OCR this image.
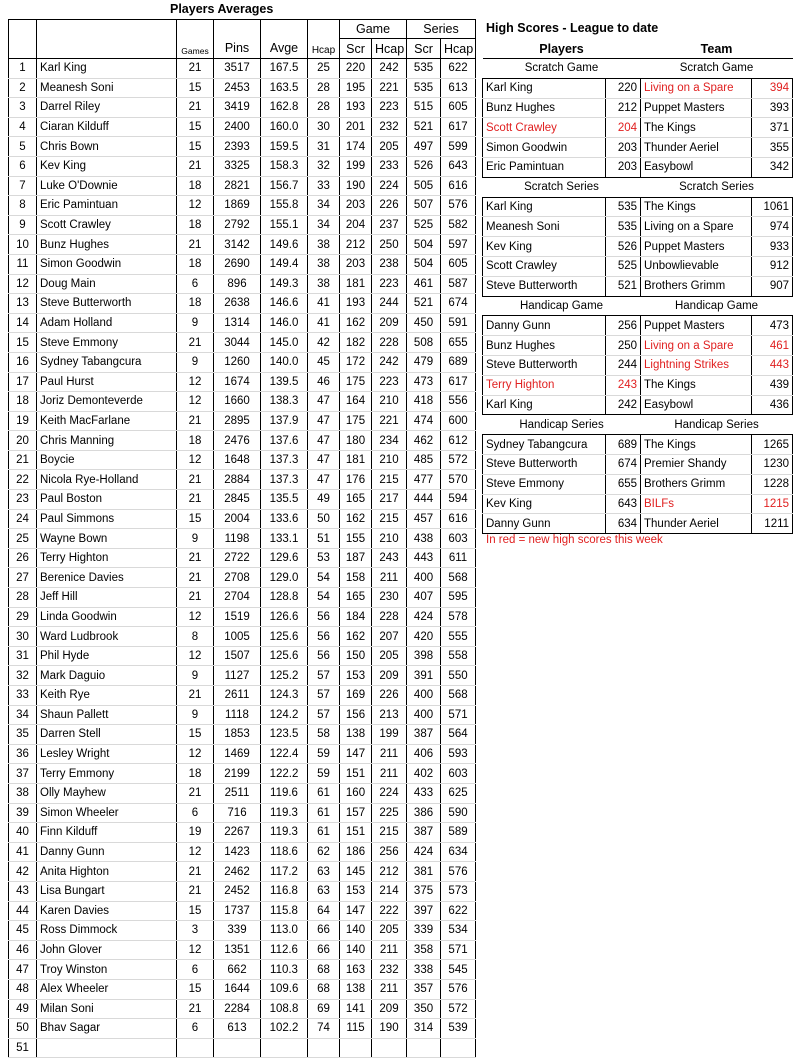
Players Averages
High Scores - League to date
						Game		Series	
		Games	Pins	Avge	Hcap	Scr	Hcap	Scr	Hcap
1	Karl King	21	3517	167.5	25	220	242	535	622
2	Meanesh Soni	15	2453	163.5	28	195	221	535	613
3	Darrel Riley	21	3419	162.8	28	193	223	515	605
4	Ciaran Kilduff	15	2400	160.0	30	201	232	521	617
5	Chris Bown	15	2393	159.5	31	174	205	497	599
6	Kev King	21	3325	158.3	32	199	233	526	643
7	Luke O'Downie	18	2821	156.7	33	190	224	505	616
8	Eric Pamintuan	12	1869	155.8	34	203	226	507	576
9	Scott Crawley	18	2792	155.1	34	204	237	525	582
10	Bunz Hughes	21	3142	149.6	38	212	250	504	597
11	Simon Goodwin	18	2690	149.4	38	203	238	504	605
12	Doug Main	6	896	149.3	38	181	223	461	587
13	Steve Butterworth	18	2638	146.6	41	193	244	521	674
14	Adam Holland	9	1314	146.0	41	162	209	450	591
15	Steve Emmony	21	3044	145.0	42	182	228	508	655
16	Sydney Tabangcura	9	1260	140.0	45	172	242	479	689
17	Paul Hurst	12	1674	139.5	46	175	223	473	617
18	Joriz Demonteverde	12	1660	138.3	47	164	210	418	556
19	Keith MacFarlane	21	2895	137.9	47	175	221	474	600
20	Chris Manning	18	2476	137.6	47	180	234	462	612
21	Boycie	12	1648	137.3	47	181	210	485	572
22	Nicola Rye-Holland	21	2884	137.3	47	176	215	477	570
23	Paul Boston	21	2845	135.5	49	165	217	444	594
24	Paul Simmons	15	2004	133.6	50	162	215	457	616
25	Wayne Bown	9	1198	133.1	51	155	210	438	603
26	Terry Highton	21	2722	129.6	53	187	243	443	611
27	Berenice Davies	21	2708	129.0	54	158	211	400	568
28	Jeff Hill	21	2704	128.8	54	165	230	407	595
29	Linda Goodwin	12	1519	126.6	56	184	228	424	578
30	Ward Ludbrook	8	1005	125.6	56	162	207	420	555
31	Phil Hyde	12	1507	125.6	56	150	205	398	558
32	Mark Daguio	9	1127	125.2	57	153	209	391	550
33	Keith Rye	21	2611	124.3	57	169	226	400	568
34	Shaun Pallett	9	1118	124.2	57	156	213	400	571
35	Darren Stell	15	1853	123.5	58	138	199	387	564
36	Lesley Wright	12	1469	122.4	59	147	211	406	593
37	Terry Emmony	18	2199	122.2	59	151	211	402	603
38	Olly Mayhew	21	2511	119.6	61	160	224	433	625
39	Simon Wheeler	6	716	119.3	61	157	225	386	590
40	Finn Kilduff	19	2267	119.3	61	151	215	387	589
41	Danny Gunn	12	1423	118.6	62	186	256	424	634
42	Anita Highton	21	2462	117.2	63	145	212	381	576
43	Lisa Bungart	21	2452	116.8	63	153	214	375	573
44	Karen Davies	15	1737	115.8	64	147	222	397	622
45	Ross Dimmock	3	339	113.0	66	140	205	339	534
46	John Glover	12	1351	112.6	66	140	211	358	571
47	Troy Winston	6	662	110.3	68	163	232	338	545
48	Alex Wheeler	15	1644	109.6	68	138	211	357	576
49	Milan Soni	21	2284	108.8	69	141	209	350	572
50	Bhav Sagar	6	613	102.2	74	115	190	314	539
51									
Players		Team	
Scratch Game		Scratch Game	
Karl King	220	Living on a Spare	394
Bunz Hughes	212	Puppet Masters	393
Scott Crawley	204	The Kings	371
Simon Goodwin	203	Thunder Aeriel	355
Eric Pamintuan	203	Easybowl	342
Scratch Series		Scratch Series	
Karl King	535	The Kings	1061
Meanesh Soni	535	Living on a Spare	974
Kev King	526	Puppet Masters	933
Scott Crawley	525	Unbowlievable	912
Steve Butterworth	521	Brothers Grimm	907
Handicap Game		Handicap Game	
Danny Gunn	256	Puppet Masters	473
Bunz Hughes	250	Living on a Spare	461
Steve Butterworth	244	Lightning Strikes	443
Terry Highton	243	The Kings	439
Karl King	242	Easybowl	436
Handicap Series		Handicap Series	
Sydney Tabangcura	689	The Kings	1265
Steve Butterworth	674	Premier Shandy	1230
Steve Emmony	655	Brothers Grimm	1228
Kev King	643	BILFs	1215
Danny Gunn	634	Thunder Aeriel	1211
In red = new high scores this week
